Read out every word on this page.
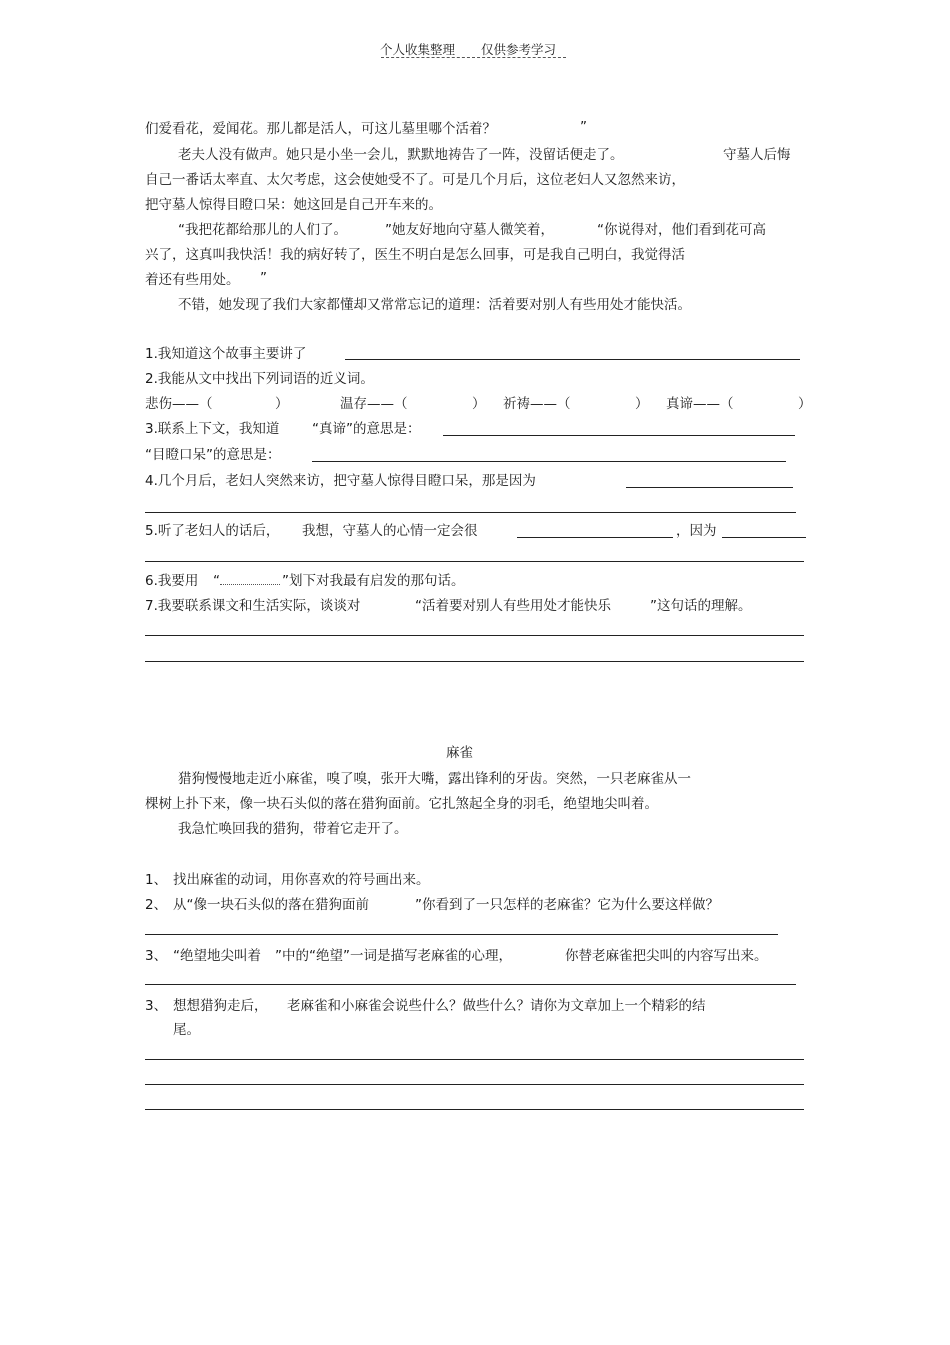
个人收集整理 仅供参考学习
们爱看花，爱闻花。那儿都是活人，可这儿墓里哪个活着？	”
老夫人没有做声。她只是小坐一会儿，默默地祷告了一阵，没留话便走了。	守墓人后悔
自己一番话太率直、太欠考虑，这会使她受不了。可是几个月后，这位老妇人又忽然来访，
把守墓人惊得目瞪口呆：她这回是自己开车来的。
“我把花都给那儿的人们了。	”她友好地向守墓人微笑着，	“你说得对，他们看到花可高
兴了，这真叫我快活！我的病好转了，医生不明白是怎么回事，可是我自己明白，我觉得活
着还有些用处。 ”
不错，她发现了我们大家都懂却又常常忘记的道理：活着要对别人有些用处才能快活。
1.我知道这个故事主要讲了
2.我能从文中找出下列词语的近义词。
悲伤——（	）	温存——（	） 祈祷——（	） 真谛——（	）
3.联系上下文，我知道 “真谛”的意思是：
“目瞪口呆”的意思是：
4.几个月后，老妇人突然来访，把守墓人惊得目瞪口呆，那是因为
5.听了老妇人的话后， 我想，守墓人的心情一定会很	，因为
6.我要用 “	”划下对我最有启发的那句话。
7.我要联系课文和生活实际，谈谈对	“活着要对别人有些用处才能快乐	”这句话的理解。
麻雀
猎狗慢慢地走近小麻雀，嗅了嗅，张开大嘴，露出锋利的牙齿。突然，一只老麻雀从一
棵树上扑下来，像一块石头似的落在猎狗面前。它扎煞起全身的羽毛，绝望地尖叫着。
我急忙唤回我的猎狗，带着它走开了。
1、 找出麻雀的动词，用你喜欢的符号画出来。
2、 从“像一块石头似的落在猎狗面前	”你看到了一只怎样的老麻雀？它为什么要这样做？
3、 “绝望地尖叫着 ”中的“绝望”一词是描写老麻雀的心理，	你替老麻雀把尖叫的内容写出来。
3、 想想猎狗走后， 老麻雀和小麻雀会说些什么？做些什么？请你为文章加上一个精彩的结
尾。
